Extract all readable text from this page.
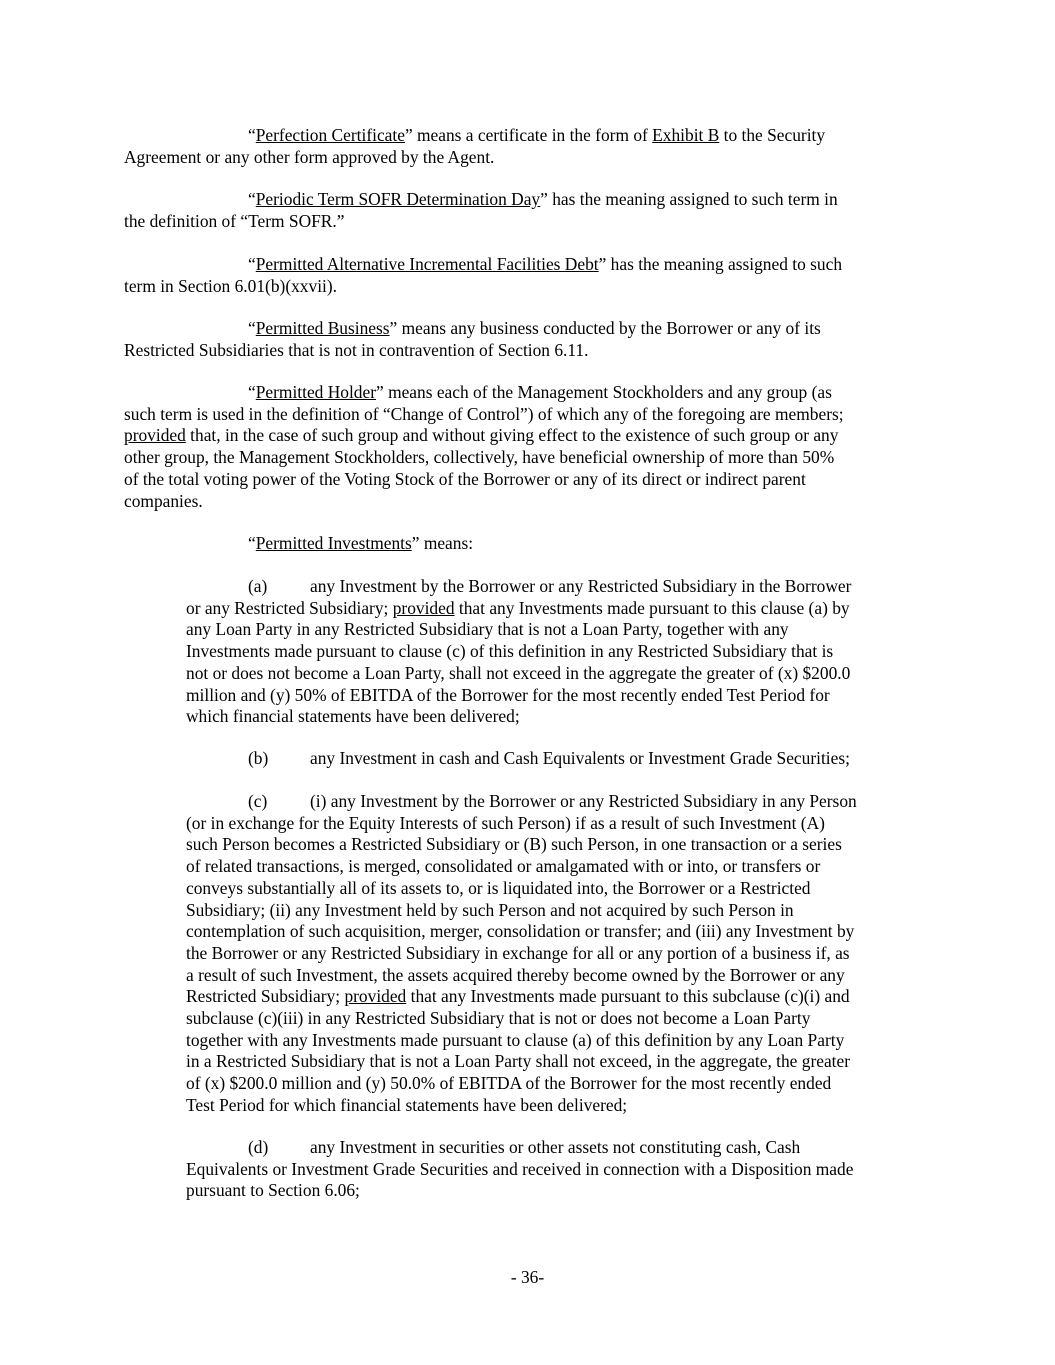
“Perfection Certificate” means a certificate in the form of Exhibit B to the Security
Agreement or any other form approved by the Agent.
“Periodic Term SOFR Determination Day” has the meaning assigned to such term in
the definition of “Term SOFR.”
“Permitted Alternative Incremental Facilities Debt” has the meaning assigned to such
term in Section 6.01(b)(xxvii).
“Permitted Business” means any business conducted by the Borrower or any of its
Restricted Subsidiaries that is not in contravention of Section 6.11.
“Permitted Holder” means each of the Management Stockholders and any group (as
such term is used in the definition of “Change of Control”) of which any of the foregoing are members;
provided that, in the case of such group and without giving effect to the existence of such group or any
other group, the Management Stockholders, collectively, have beneficial ownership of more than 50%
of the total voting power of the Voting Stock of the Borrower or any of its direct or indirect parent
companies.
“Permitted Investments” means:
(a) any Investment by the Borrower or any Restricted Subsidiary in the Borrower
or any Restricted Subsidiary; provided that any Investments made pursuant to this clause (a) by
any Loan Party in any Restricted Subsidiary that is not a Loan Party, together with any
Investments made pursuant to clause (c) of this definition in any Restricted Subsidiary that is
not or does not become a Loan Party, shall not exceed in the aggregate the greater of (x) $200.0
million and (y) 50% of EBITDA of the Borrower for the most recently ended Test Period for
which financial statements have been delivered;
(b) any Investment in cash and Cash Equivalents or Investment Grade Securities;
(c) (i) any Investment by the Borrower or any Restricted Subsidiary in any Person
(or in exchange for the Equity Interests of such Person) if as a result of such Investment (A)
such Person becomes a Restricted Subsidiary or (B) such Person, in one transaction or a series
of related transactions, is merged, consolidated or amalgamated with or into, or transfers or
conveys substantially all of its assets to, or is liquidated into, the Borrower or a Restricted
Subsidiary; (ii) any Investment held by such Person and not acquired by such Person in
contemplation of such acquisition, merger, consolidation or transfer; and (iii) any Investment by
the Borrower or any Restricted Subsidiary in exchange for all or any portion of a business if, as
a result of such Investment, the assets acquired thereby become owned by the Borrower or any
Restricted Subsidiary; provided that any Investments made pursuant to this subclause (c)(i) and
subclause (c)(iii) in any Restricted Subsidiary that is not or does not become a Loan Party
together with any Investments made pursuant to clause (a) of this definition by any Loan Party
in a Restricted Subsidiary that is not a Loan Party shall not exceed, in the aggregate, the greater
of (x) $200.0 million and (y) 50.0% of EBITDA of the Borrower for the most recently ended
Test Period for which financial statements have been delivered;
(d) any Investment in securities or other assets not constituting cash, Cash
Equivalents or Investment Grade Securities and received in connection with a Disposition made
pursuant to Section 6.06;
- 36-
